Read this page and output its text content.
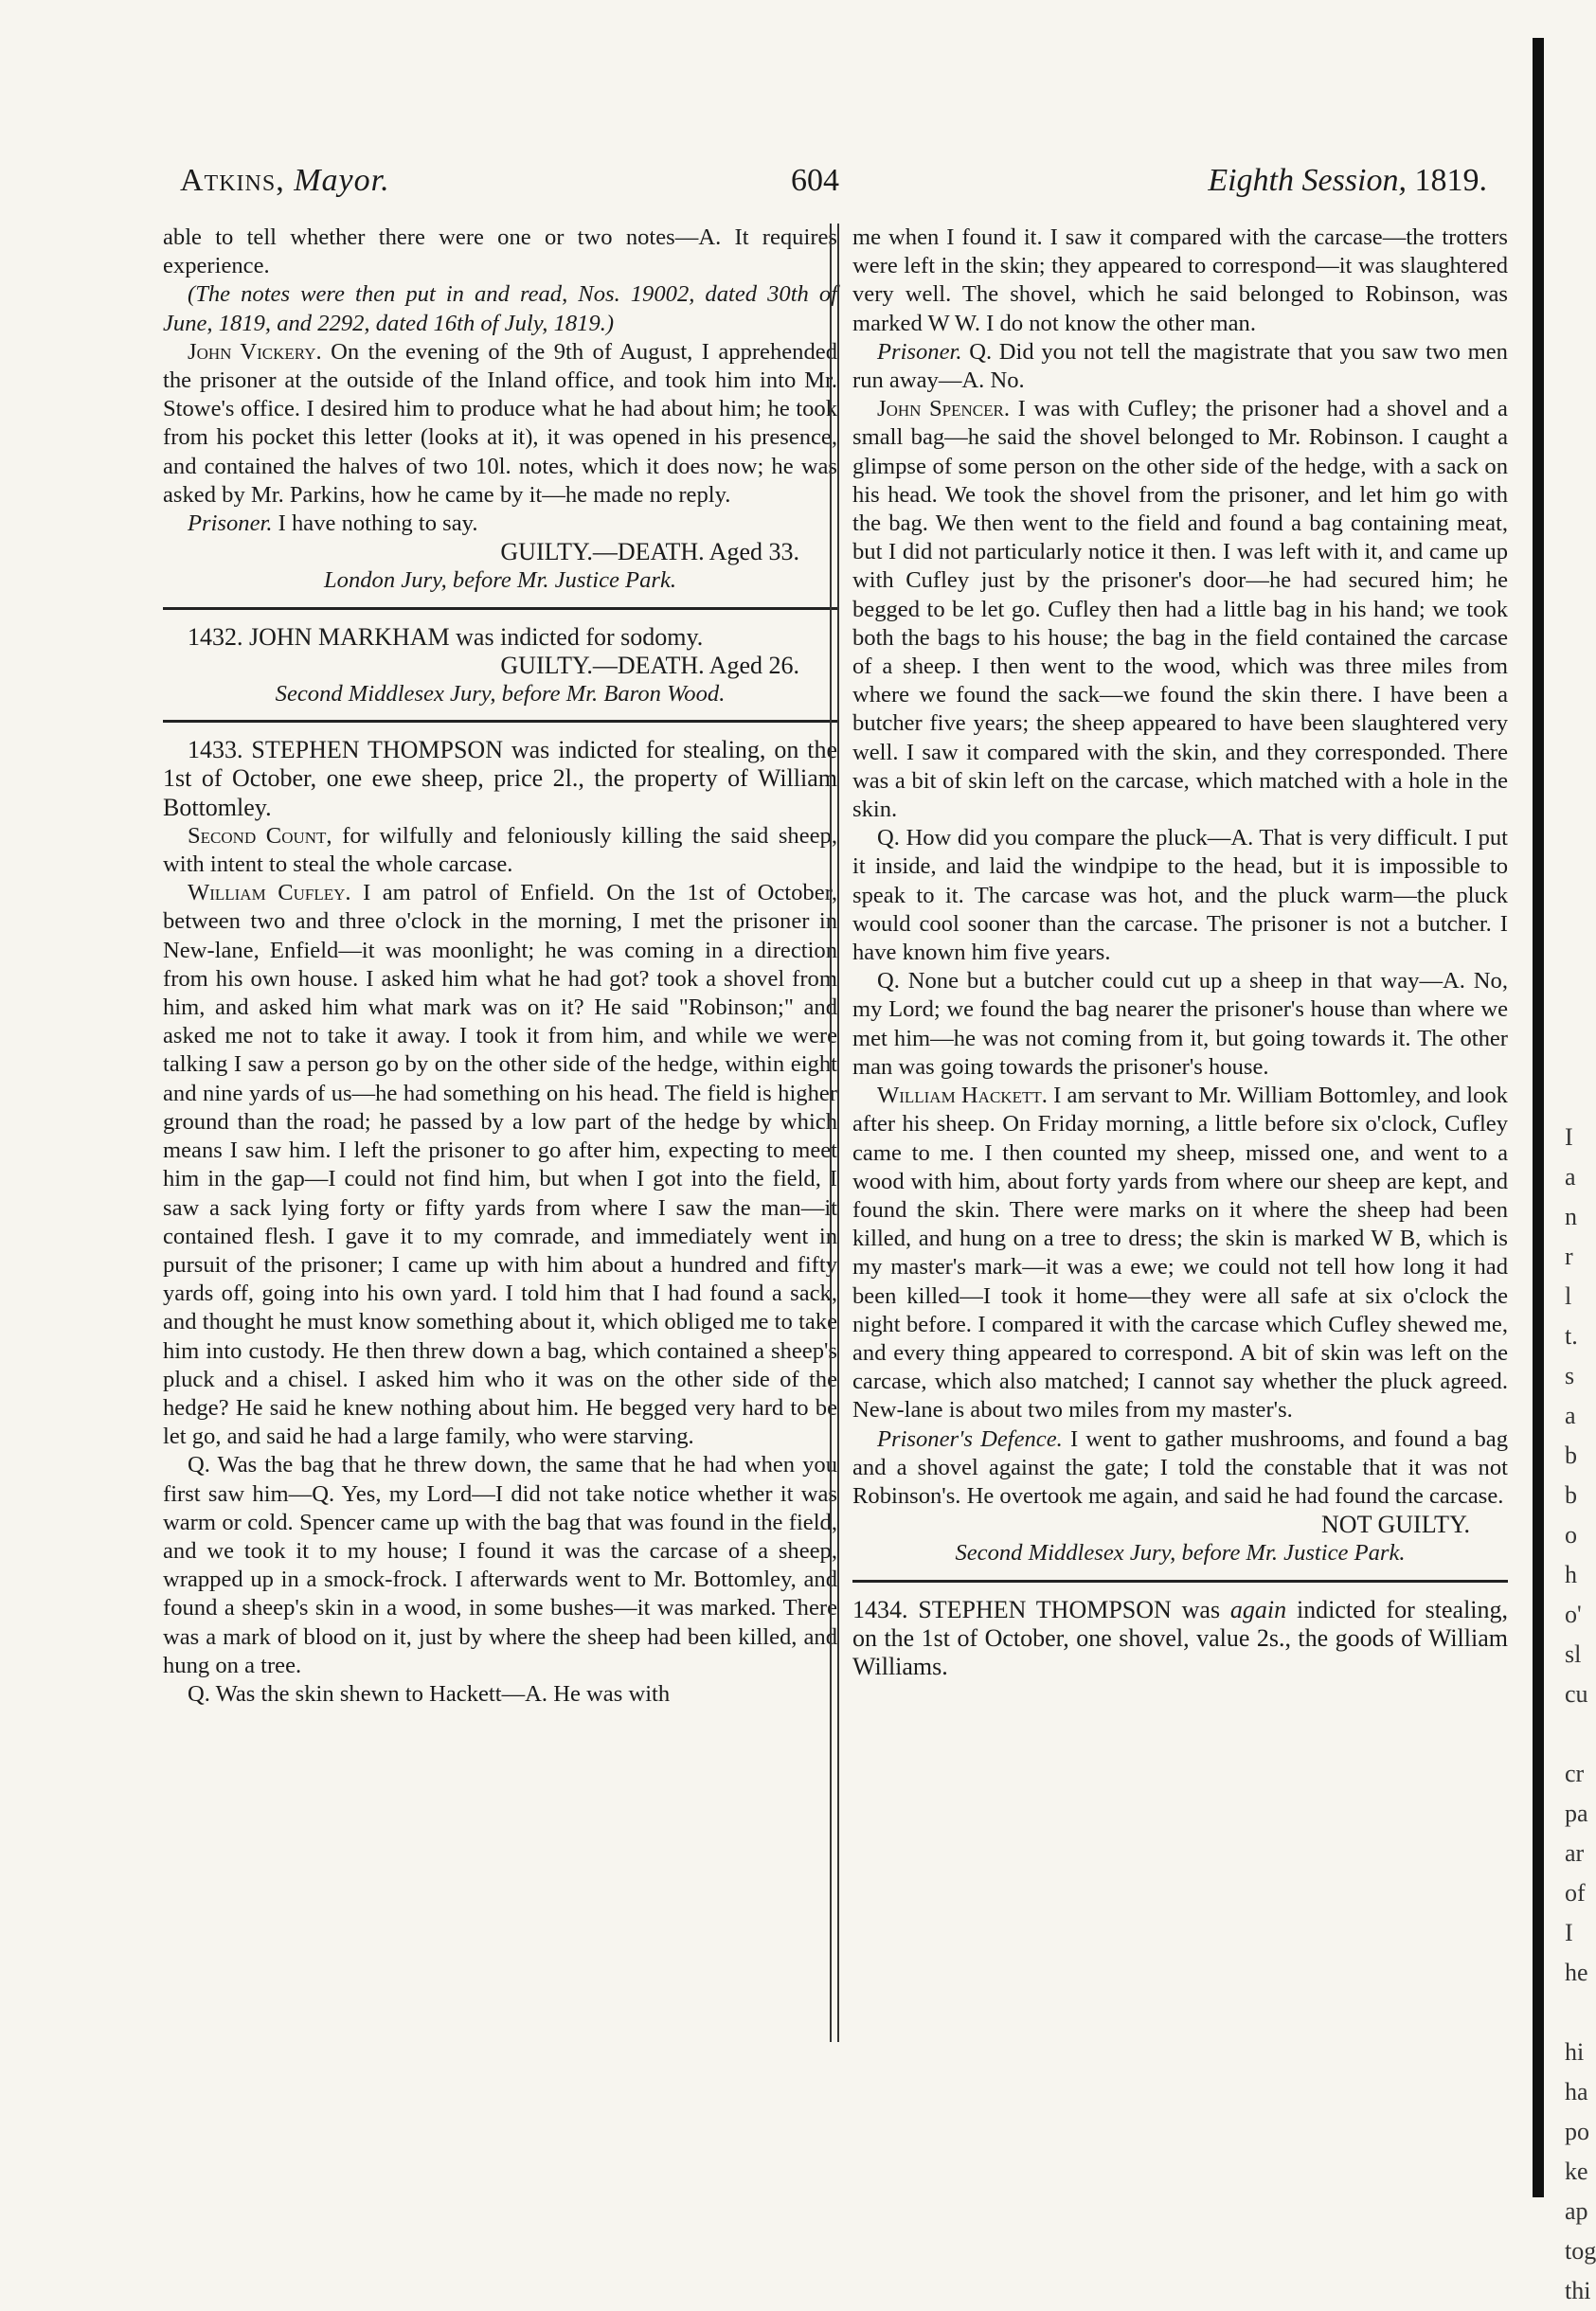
Atkins, Mayor.	604	Eighth Session, 1819.

able to tell whether there were one or two notes—A. It requires experience.

(The notes were then put in and read, Nos. 19002, dated 30th of June, 1819, and 2292, dated 16th of July, 1819.)

John Vickery. On the evening of the 9th of August, I apprehended the prisoner at the outside of the Inland office, and took him into Mr. Stowe's office. I desired him to produce what he had about him; he took from his pocket this letter (looks at it), it was opened in his presence, and contained the halves of two 10l. notes, which it does now; he was asked by Mr. Parkins, how he came by it—he made no reply.

Prisoner. I have nothing to say.

GUILTY.—DEATH. Aged 33.

London Jury, before Mr. Justice Park.

1432. JOHN MARKHAM was indicted for sodomy.

GUILTY.—DEATH. Aged 26.

Second Middlesex Jury, before Mr. Baron Wood.

1433. STEPHEN THOMPSON was indicted for stealing, on the 1st of October, one ewe sheep, price 2l., the property of William Bottomley.

Second Count, for wilfully and feloniously killing the said sheep, with intent to steal the whole carcase.

William Cufley. I am patrol of Enfield. On the 1st of October, between two and three o'clock in the morning, I met the prisoner in New-lane, Enfield—it was moonlight; he was coming in a direction from his own house. I asked him what he had got? took a shovel from him, and asked him what mark was on it? He said "Robinson;" and asked me not to take it away. I took it from him, and while we were talking I saw a person go by on the other side of the hedge, within eight and nine yards of us—he had something on his head. The field is higher ground than the road; he passed by a low part of the hedge by which means I saw him. I left the prisoner to go after him, expecting to meet him in the gap—I could not find him, but when I got into the field, I saw a sack lying forty or fifty yards from where I saw the man—it contained flesh. I gave it to my comrade, and immediately went in pursuit of the prisoner; I came up with him about a hundred and fifty yards off, going into his own yard. I told him that I had found a sack, and thought he must know something about it, which obliged me to take him into custody. He then threw down a bag, which contained a sheep's pluck and a chisel. I asked him who it was on the other side of the hedge? He said he knew nothing about him. He begged very hard to be let go, and said he had a large family, who were starving.

Q. Was the bag that he threw down, the same that he had when you first saw him—Q. Yes, my Lord—I did not take notice whether it was warm or cold. Spencer came up with the bag that was found in the field, and we took it to my house; I found it was the carcase of a sheep, wrapped up in a smock-frock. I afterwards went to Mr. Bottomley, and found a sheep's skin in a wood, in some bushes—it was marked. There was a mark of blood on it, just by where the sheep had been killed, and hung on a tree.

Q. Was the skin shewn to Hackett—A. He was with

me when I found it. I saw it compared with the carcase—the trotters were left in the skin; they appeared to correspond—it was slaughtered very well. The shovel, which he said belonged to Robinson, was marked W W. I do not know the other man.

Prisoner. Q. Did you not tell the magistrate that you saw two men run away—A. No.

John Spencer. I was with Cufley; the prisoner had a shovel and a small bag—he said the shovel belonged to Mr. Robinson. I caught a glimpse of some person on the other side of the hedge, with a sack on his head. We took the shovel from the prisoner, and let him go with the bag. We then went to the field and found a bag containing meat, but I did not particularly notice it then. I was left with it, and came up with Cufley just by the prisoner's door—he had secured him; he begged to be let go. Cufley then had a little bag in his hand; we took both the bags to his house; the bag in the field contained the carcase of a sheep. I then went to the wood, which was three miles from where we found the sack—we found the skin there. I have been a butcher five years; the sheep appeared to have been slaughtered very well. I saw it compared with the skin, and they corresponded. There was a bit of skin left on the carcase, which matched with a hole in the skin.

Q. How did you compare the pluck—A. That is very difficult. I put it inside, and laid the windpipe to the head, but it is impossible to speak to it. The carcase was hot, and the pluck warm—the pluck would cool sooner than the carcase. The prisoner is not a butcher. I have known him five years.

Q. None but a butcher could cut up a sheep in that way—A. No, my Lord; we found the bag nearer the prisoner's house than where we met him—he was not coming from it, but going towards it. The other man was going towards the prisoner's house.

William Hackett. I am servant to Mr. William Bottomley, and look after his sheep. On Friday morning, a little before six o'clock, Cufley came to me. I then counted my sheep, missed one, and went to a wood with him, about forty yards from where our sheep are kept, and found the skin. There were marks on it where the sheep had been killed, and hung on a tree to dress; the skin is marked W B, which is my master's mark—it was a ewe; we could not tell how long it had been killed—I took it home—they were all safe at six o'clock the night before. I compared it with the carcase which Cufley shewed me, and every thing appeared to correspond. A bit of skin was left on the carcase, which also matched; I cannot say whether the pluck agreed. New-lane is about two miles from my master's.

Prisoner's Defence. I went to gather mushrooms, and found a bag and a shovel against the gate; I told the constable that it was not Robinson's. He overtook me again, and said he had found the carcase.

NOT GUILTY.

Second Middlesex Jury, before Mr. Justice Park.

1434. STEPHEN THOMPSON was again indicted for stealing, on the 1st of October, one shovel, value 2s., the goods of William Williams.

I
a
n
r
l
t.
s
a
b
b
o
h
o'
sl
cu

cr
pa
ar
of
I
he

hi
ha
po
ke
ap
tog
thi
